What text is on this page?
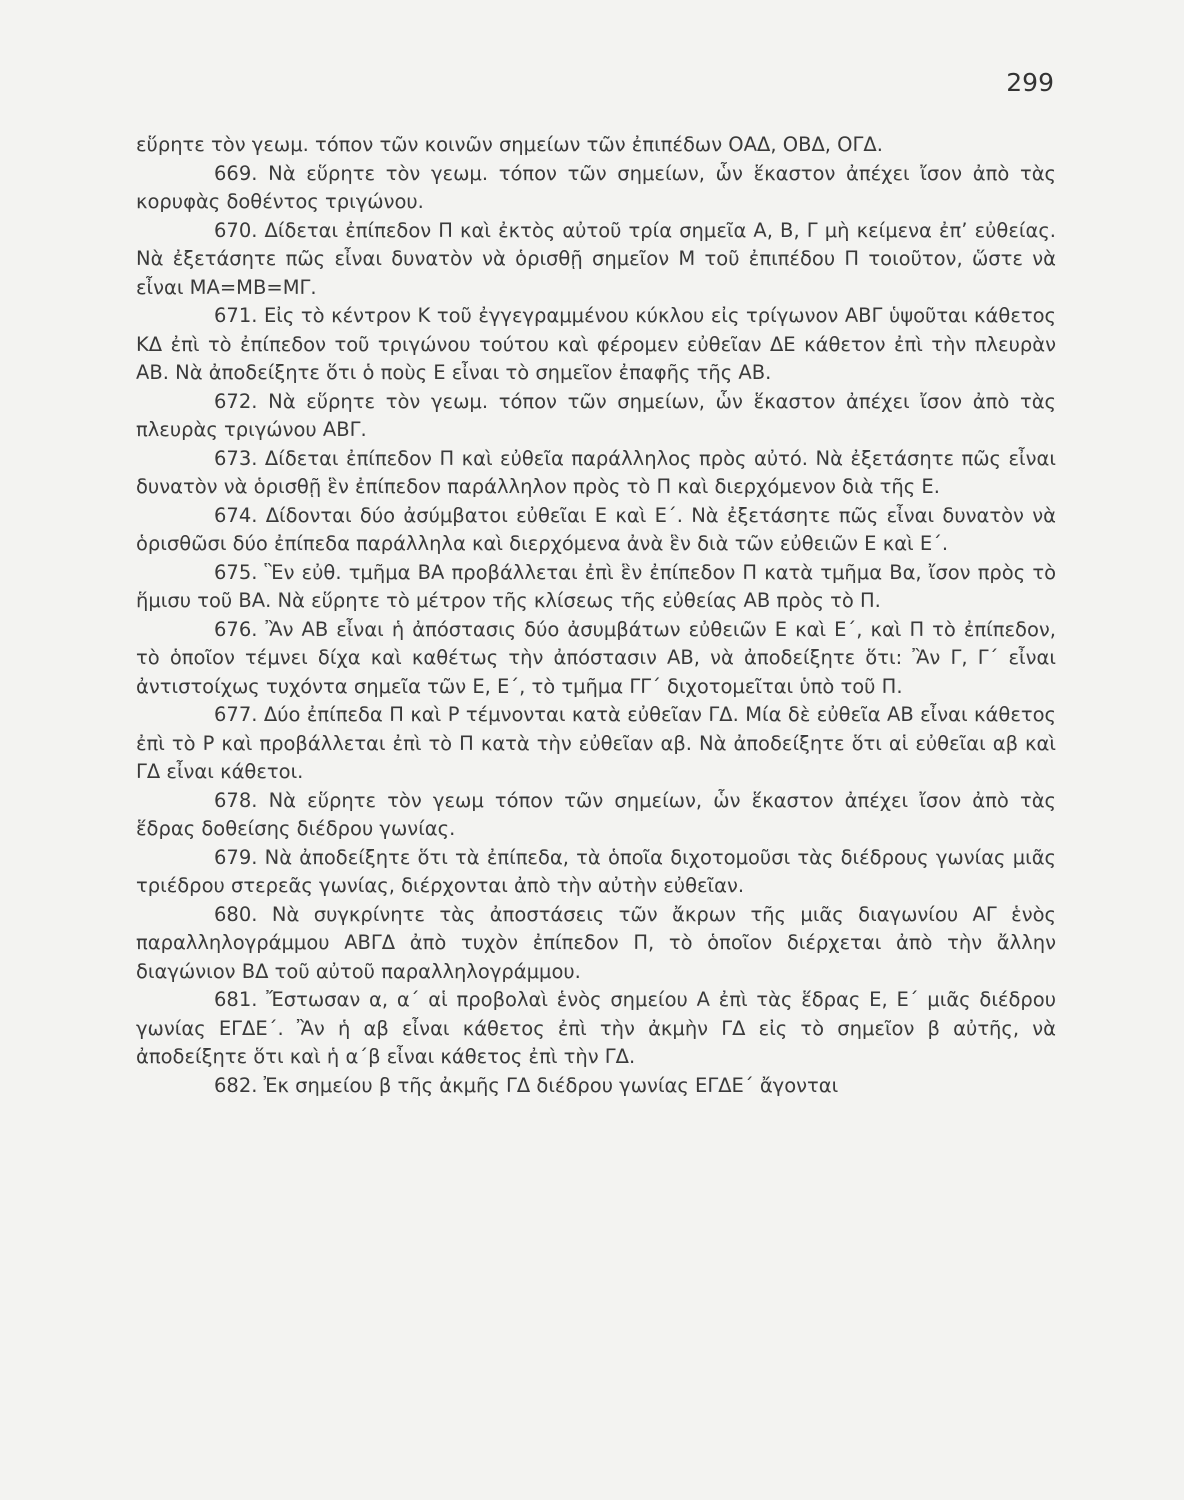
299

εὕρητε τὸν γεωμ. τόπον τῶν κοινῶν σημείων τῶν ἐπιπέδων ΟΑΔ, ΟΒΔ, ΟΓΔ.

669. Νὰ εὕρητε τὸν γεωμ. τόπον τῶν σημείων, ὧν ἕκαστον ἀπέχει ἴσον ἀπὸ τὰς κορυφὰς δοθέντος τριγώνου.

670. Δίδεται ἐπίπεδον Π καὶ ἐκτὸς αὐτοῦ τρία σημεῖα Α, Β, Γ μὴ κείμενα ἐπ’ εὐθείας. Νὰ ἐξετάσητε πῶς εἶναι δυνατὸν νὰ ὁρισθῇ σημεῖον Μ τοῦ ἐπιπέδου Π τοιοῦτον, ὥστε νὰ εἶναι ΜΑ=ΜΒ=ΜΓ.

671. Εἰς τὸ κέντρον Κ τοῦ ἐγγεγραμμένου κύκλου εἰς τρίγωνον ΑΒΓ ὑψοῦται κάθετος ΚΔ ἐπὶ τὸ ἐπίπεδον τοῦ τριγώνου τούτου καὶ φέρομεν εὐθεῖαν ΔΕ κάθετον ἐπὶ τὴν πλευρὰν ΑΒ. Νὰ ἀποδείξητε ὅτι ὁ ποὺς Ε εἶναι τὸ σημεῖον ἐπαφῆς τῆς ΑΒ.

672. Νὰ εὕρητε τὸν γεωμ. τόπον τῶν σημείων, ὧν ἕκαστον ἀπέχει ἴσον ἀπὸ τὰς πλευρὰς τριγώνου ΑΒΓ.

673. Δίδεται ἐπίπεδον Π καὶ εὐθεῖα παράλληλος πρὸς αὐτό. Νὰ ἐξετάσητε πῶς εἶναι δυνατὸν νὰ ὁρισθῇ ἓν ἐπίπεδον παράλληλον πρὸς τὸ Π καὶ διερχόμενον διὰ τῆς Ε.

674. Δίδονται δύο ἀσύμβατοι εὐθεῖαι Ε καὶ Ε΄. Νὰ ἐξετάσητε πῶς εἶναι δυνατὸν νὰ ὁρισθῶσι δύο ἐπίπεδα παράλληλα καὶ διερχόμενα ἀνὰ ἓν διὰ τῶν εὐθειῶν Ε καὶ Ε΄.

675. Ἓν εὐθ. τμῆμα ΒΑ προβάλλεται ἐπὶ ἓν ἐπίπεδον Π κατὰ τμῆμα Βα, ἴσον πρὸς τὸ ἥμισυ τοῦ ΒΑ. Νὰ εὕρητε τὸ μέτρον τῆς κλίσεως τῆς εὐθείας ΑΒ πρὸς τὸ Π.

676. Ἂν ΑΒ εἶναι ἡ ἀπόστασις δύο ἀσυμβάτων εὐθειῶν Ε καὶ Ε΄, καὶ Π τὸ ἐπίπεδον, τὸ ὁποῖον τέμνει δίχα καὶ καθέτως τὴν ἀπόστασιν ΑΒ, νὰ ἀποδείξητε ὅτι: Ἂν Γ, Γ΄ εἶναι ἀντιστοίχως τυχόντα σημεῖα τῶν Ε, Ε΄, τὸ τμῆμα ΓΓ΄ διχοτομεῖται ὑπὸ τοῦ Π.

677. Δύο ἐπίπεδα Π καὶ Ρ τέμνονται κατὰ εὐθεῖαν ΓΔ. Μία δὲ εὐθεῖα ΑΒ εἶναι κάθετος ἐπὶ τὸ Ρ καὶ προβάλλεται ἐπὶ τὸ Π κατὰ τὴν εὐθεῖαν αβ. Νὰ ἀποδείξητε ὅτι αἱ εὐθεῖαι αβ καὶ ΓΔ εἶναι κάθετοι.

678. Νὰ εὕρητε τὸν γεωμ τόπον τῶν σημείων, ὧν ἕκαστον ἀπέχει ἴσον ἀπὸ τὰς ἕδρας δοθείσης διέδρου γωνίας.

679. Νὰ ἀποδείξητε ὅτι τὰ ἐπίπεδα, τὰ ὁποῖα διχοτομοῦσι τὰς διέδρους γωνίας μιᾶς τριέδρου στερεᾶς γωνίας, διέρχονται ἀπὸ τὴν αὐτὴν εὐθεῖαν.

680. Νὰ συγκρίνητε τὰς ἀποστάσεις τῶν ἄκρων τῆς μιᾶς διαγωνίου ΑΓ ἑνὸς παραλληλογράμμου ΑΒΓΔ ἀπὸ τυχὸν ἐπίπεδον Π, τὸ ὁποῖον διέρχεται ἀπὸ τὴν ἄλλην διαγώνιον ΒΔ τοῦ αὐτοῦ παραλληλογράμμου.

681. Ἔστωσαν α, α΄ αἱ προβολαὶ ἑνὸς σημείου Α ἐπὶ τὰς ἕδρας Ε, Ε΄ μιᾶς διέδρου γωνίας ΕΓΔΕ΄. Ἂν ἡ αβ εἶναι κάθετος ἐπὶ τὴν ἀκμὴν ΓΔ εἰς τὸ σημεῖον β αὐτῆς, νὰ ἀποδείξητε ὅτι καὶ ἡ α΄β εἶναι κάθετος ἐπὶ τὴν ΓΔ.

682. Ἐκ σημείου β τῆς ἀκμῆς ΓΔ διέδρου γωνίας ΕΓΔΕ΄ ἄγονται
